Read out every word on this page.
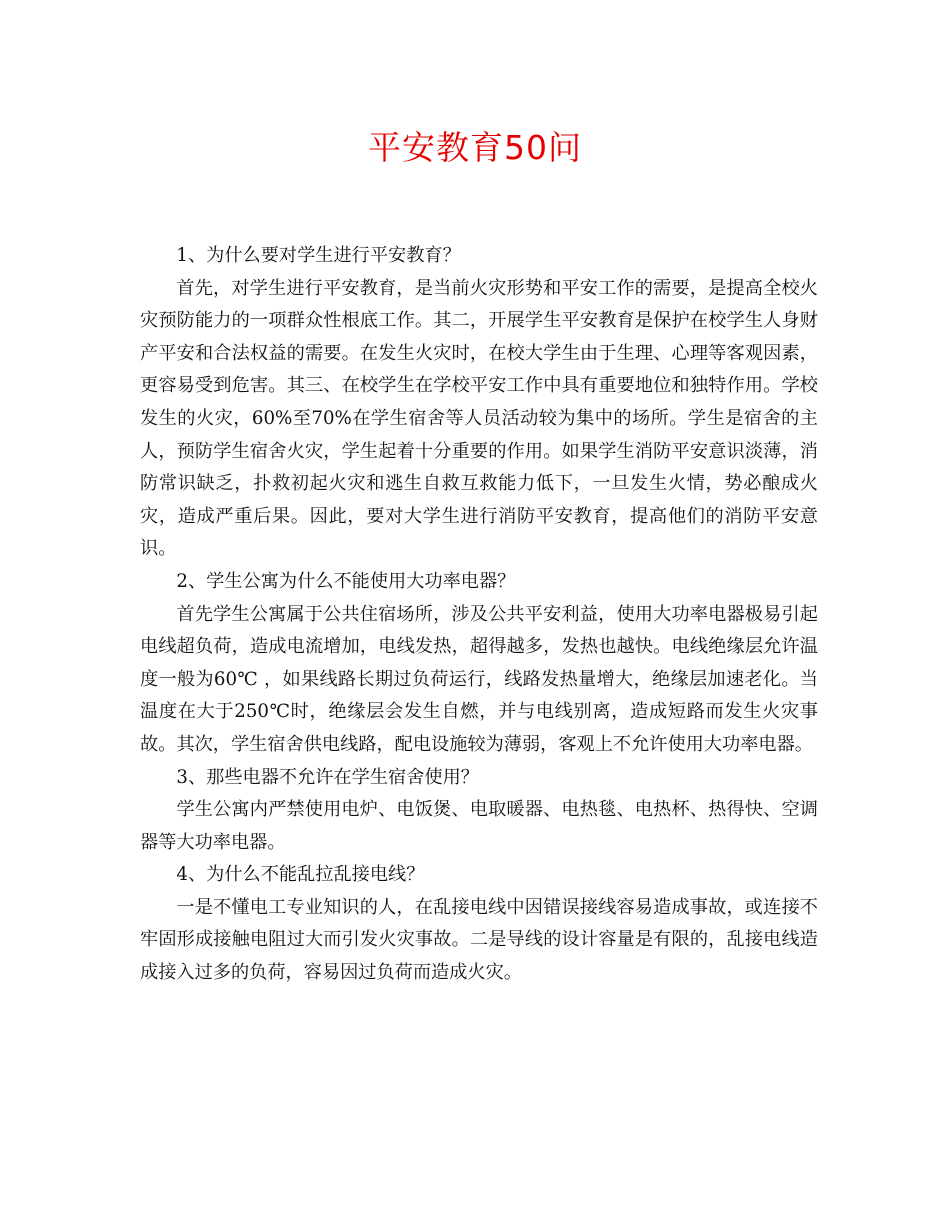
平安教育50问

1、为什么要对学生进行平安教育？

首先，对学生进行平安教育，是当前火灾形势和平安工作的需要，是提高全校火灾预防能力的一项群众性根底工作。其二，开展学生平安教育是保护在校学生人身财产平安和合法权益的需要。在发生火灾时，在校大学生由于生理、心理等客观因素，更容易受到危害。其三、在校学生在学校平安工作中具有重要地位和独特作用。学校发生的火灾，60%至70%在学生宿舍等人员活动较为集中的场所。学生是宿舍的主人，预防学生宿舍火灾，学生起着十分重要的作用。如果学生消防平安意识淡薄，消防常识缺乏，扑救初起火灾和逃生自救互救能力低下，一旦发生火情，势必酿成火灾，造成严重后果。因此，要对大学生进行消防平安教育，提高他们的消防平安意识。

2、学生公寓为什么不能使用大功率电器？

首先学生公寓属于公共住宿场所，涉及公共平安利益，使用大功率电器极易引起电线超负荷，造成电流增加，电线发热，超得越多，发热也越快。电线绝缘层允许温度一般为60℃ ，如果线路长期过负荷运行，线路发热量增大，绝缘层加速老化。当温度在大于250℃时，绝缘层会发生自燃，并与电线别离，造成短路而发生火灾事故。其次，学生宿舍供电线路，配电设施较为薄弱，客观上不允许使用大功率电器。

3、那些电器不允许在学生宿舍使用？

学生公寓内严禁使用电炉、电饭煲、电取暖器、电热毯、电热杯、热得快、空调器等大功率电器。

4、为什么不能乱拉乱接电线？

一是不懂电工专业知识的人，在乱接电线中因错误接线容易造成事故，或连接不牢固形成接触电阻过大而引发火灾事故。二是导线的设计容量是有限的，乱接电线造成接入过多的负荷，容易因过负荷而造成火灾。
